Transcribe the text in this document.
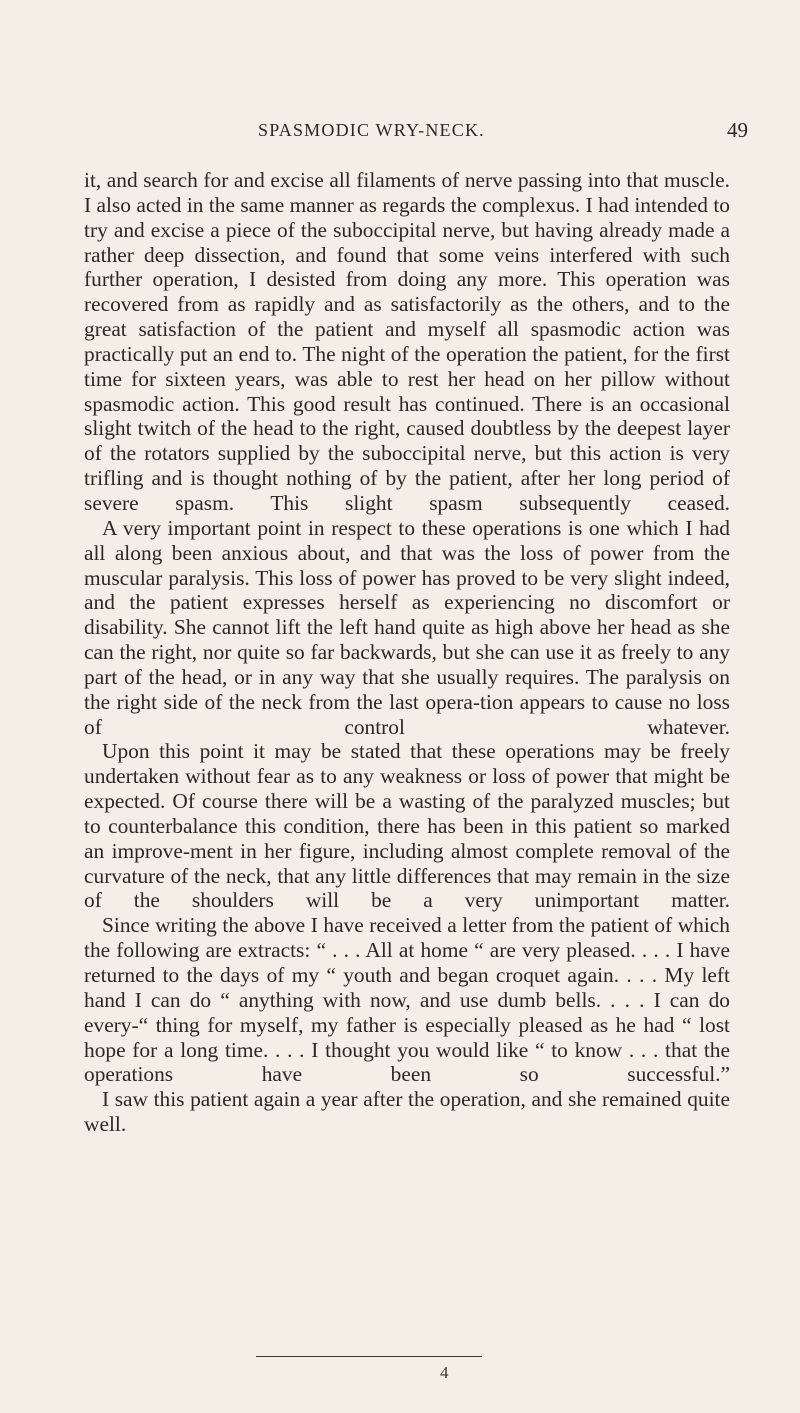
SPASMODIC WRY-NECK.	49

it, and search for and excise all filaments of nerve passing into that muscle. I also acted in the same manner as regards the complexus. I had intended to try and excise a piece of the suboccipital nerve, but having already made a rather deep dissection, and found that some veins interfered with such further operation, I desisted from doing any more. This operation was recovered from as rapidly and as satisfactorily as the others, and to the great satisfaction of the patient and myself all spasmodic action was practically put an end to. The night of the operation the patient, for the first time for sixteen years, was able to rest her head on her pillow without spasmodic action. This good result has continued. There is an occasional slight twitch of the head to the right, caused doubtless by the deepest layer of the rotators supplied by the suboccipital nerve, but this action is very trifling and is thought nothing of by the patient, after her long period of severe spasm. This slight spasm subsequently ceased.

A very important point in respect to these operations is one which I had all along been anxious about, and that was the loss of power from the muscular paralysis. This loss of power has proved to be very slight indeed, and the patient expresses herself as experiencing no discomfort or disability. She cannot lift the left hand quite as high above her head as she can the right, nor quite so far backwards, but she can use it as freely to any part of the head, or in any way that she usually requires. The paralysis on the right side of the neck from the last opera-tion appears to cause no loss of control whatever.

Upon this point it may be stated that these operations may be freely undertaken without fear as to any weakness or loss of power that might be expected. Of course there will be a wasting of the paralyzed muscles; but to counterbalance this condition, there has been in this patient so marked an improve-ment in her figure, including almost complete removal of the curvature of the neck, that any little differences that may remain in the size of the shoulders will be a very unimportant matter.

Since writing the above I have received a letter from the patient of which the following are extracts: “ . . . All at home “ are very pleased. . . . I have returned to the days of my “ youth and began croquet again. . . . My left hand I can do “ anything with now, and use dumb bells. . . . I can do every-“ thing for myself, my father is especially pleased as he had “ lost hope for a long time. . . . I thought you would like “ to know . . . that the operations have been so successful.”

I saw this patient again a year after the operation, and she remained quite well.

4
